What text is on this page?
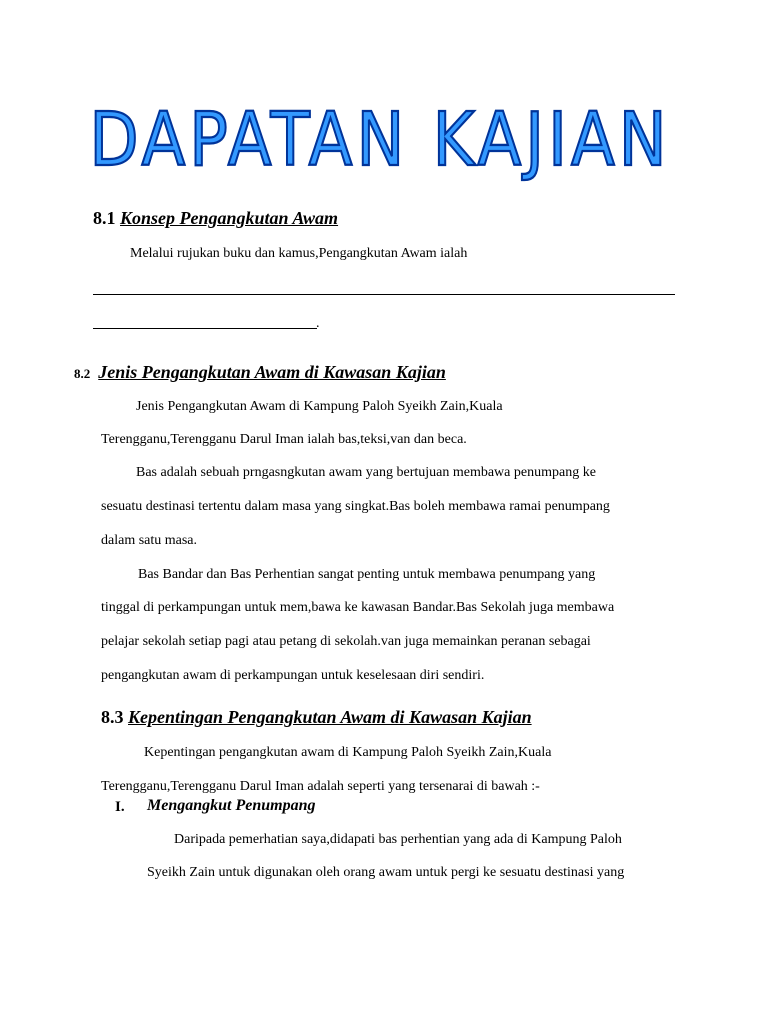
DAPATAN KAJIAN
8.1 Konsep Pengangkutan Awam
Melalui rujukan buku dan kamus,Pengangkutan Awam ialah
.
8.2 Jenis Pengangkutan Awam di Kawasan Kajian
Jenis Pengangkutan Awam di Kampung Paloh Syeikh Zain,Kuala
Terengganu,Terengganu Darul Iman ialah bas,teksi,van dan beca.
Bas adalah sebuah prngasngkutan awam yang bertujuan membawa penumpang ke
sesuatu destinasi tertentu dalam masa yang singkat.Bas boleh membawa ramai penumpang
dalam satu masa.
Bas Bandar dan Bas Perhentian sangat penting untuk membawa penumpang yang
tinggal di perkampungan untuk mem,bawa ke kawasan Bandar.Bas Sekolah juga membawa
pelajar sekolah setiap pagi atau petang di sekolah.van juga memainkan peranan sebagai
pengangkutan awam di perkampungan untuk keselesaan diri sendiri.
8.3 Kepentingan Pengangkutan Awam di Kawasan Kajian
Kepentingan pengangkutan awam di Kampung Paloh Syeikh Zain,Kuala
Terengganu,Terengganu Darul Iman adalah seperti yang tersenarai di bawah :-
I. Mengangkut Penumpang
Daripada pemerhatian saya,didapati bas perhentian yang ada di Kampung Paloh
Syeikh Zain untuk digunakan oleh orang awam untuk pergi ke sesuatu destinasi yang
